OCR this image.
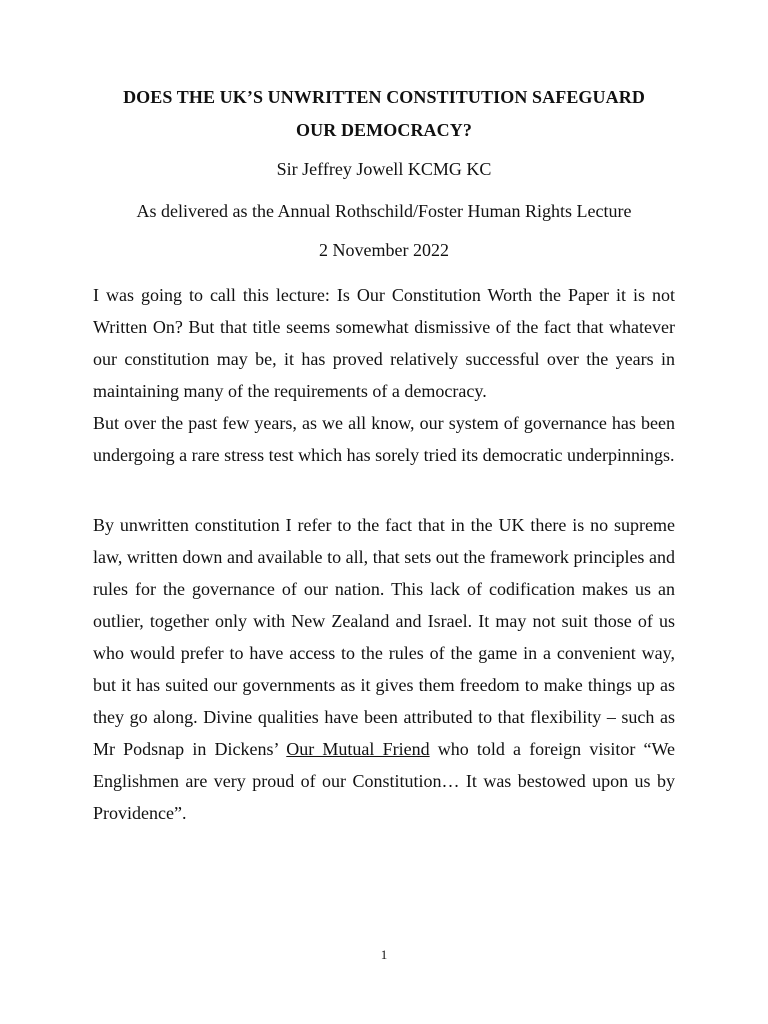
DOES THE UK’S UNWRITTEN CONSTITUTION SAFEGUARD
OUR DEMOCRACY?
Sir Jeffrey Jowell KCMG KC
As delivered as the Annual Rothschild/Foster Human Rights Lecture
2 November 2022

I was going to call this lecture: Is Our Constitution Worth the Paper it is not Written On? But that title seems somewhat dismissive of the fact that whatever our constitution may be, it has proved relatively successful over the years in maintaining many of the requirements of a democracy.

But over the past few years, as we all know, our system of governance has been undergoing a rare stress test which has sorely tried its democratic underpinnings.

By unwritten constitution I refer to the fact that in the UK there is no supreme law, written down and available to all, that sets out the framework principles and rules for the governance of our nation. This lack of codification makes us an outlier, together only with New Zealand and Israel. It may not suit those of us who would prefer to have access to the rules of the game in a convenient way, but it has suited our governments as it gives them freedom to make things up as they go along. Divine qualities have been attributed to that flexibility – such as Mr Podsnap in Dickens’ Our Mutual Friend who told a foreign visitor “We Englishmen are very proud of our Constitution… It was bestowed upon us by Providence”.

1
